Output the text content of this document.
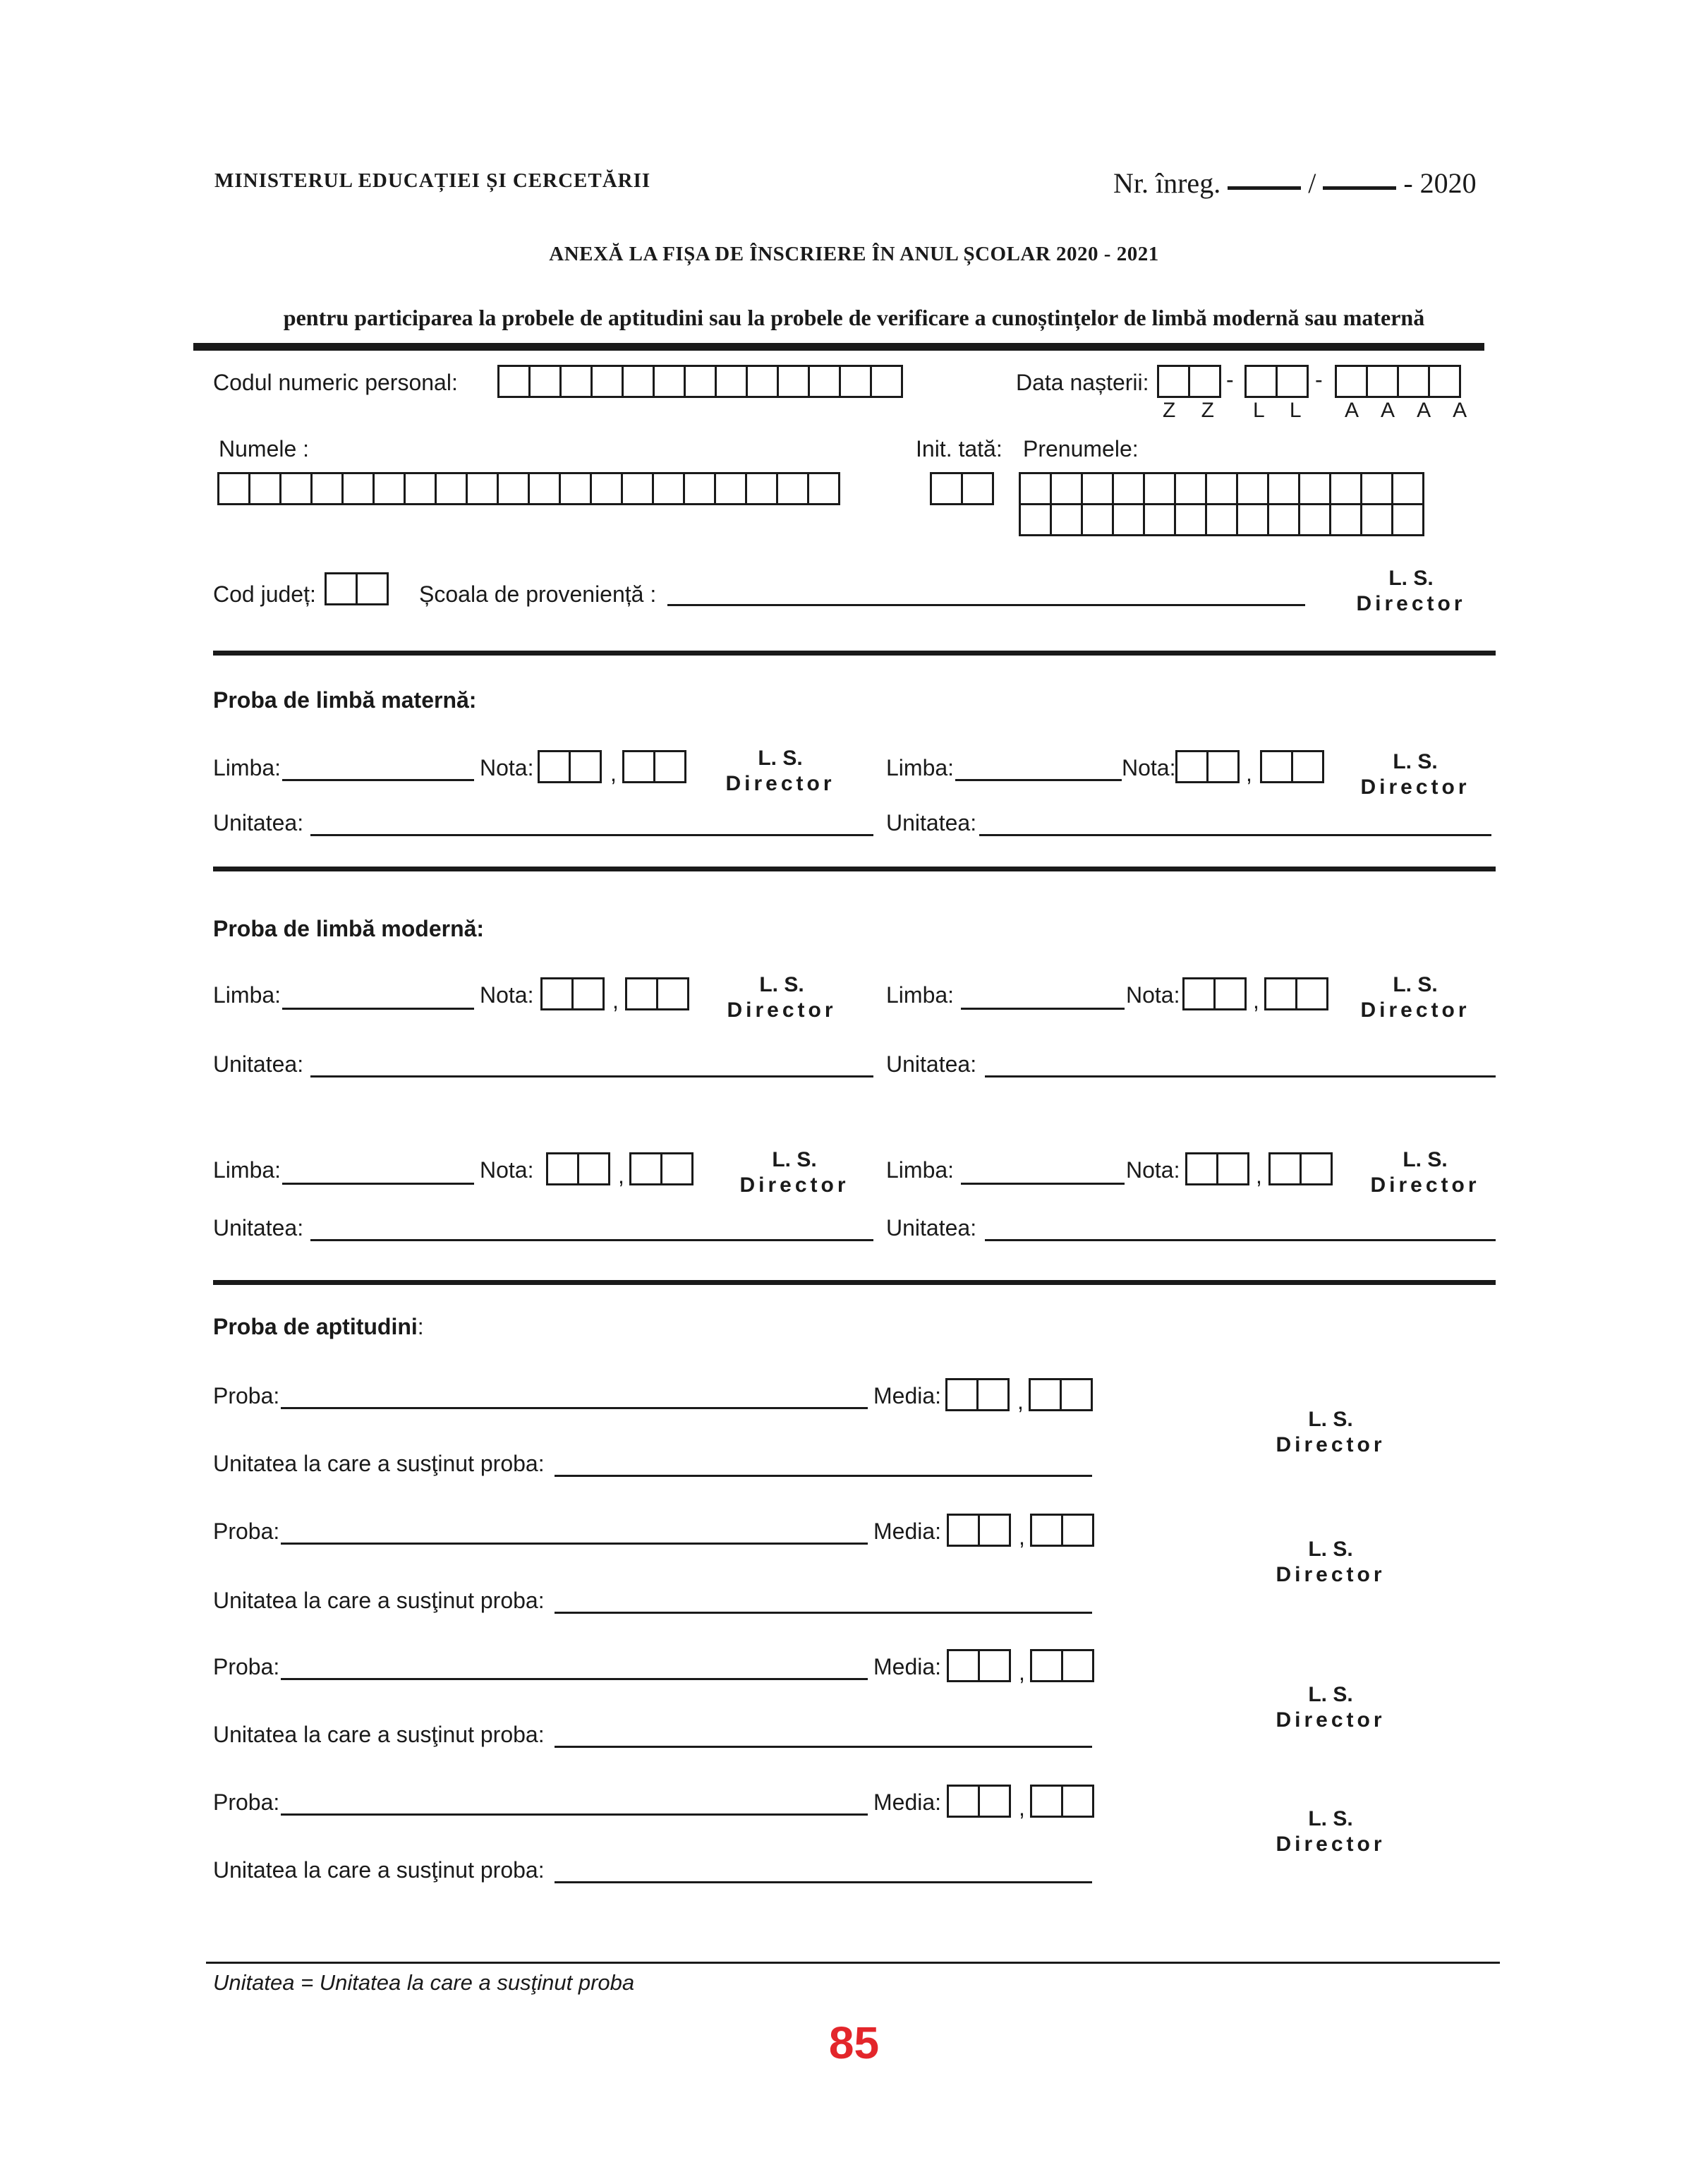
MINISTERUL EDUCAȚIEI ȘI CERCETĂRII	Nr. înreg.	/	- 2020
ANEXĂ LA FIȘA DE ÎNSCRIERE ÎN ANUL ȘCOLAR 2020 - 2021
pentru participarea la probele de aptitudini sau la probele de verificare a cunoștințelor de limbă modernă sau maternă
Codul numeric personal:	Data nașterii:	-	-
Z Z L L A A A A
Numele :	Init. tată: Prenumele:
Cod județ:	Școala de proveniență :
L. S.
Director
Proba de limbă maternă:
Limba:	Nota:	,
L. S.
Director
Limba:	Nota:	,	L. S.
Director
Unitatea:	Unitatea:
Proba de limbă modernă:
Limba:	Nota:	,
L. S.
Director
Limba:	Nota:	,
L. S.
Director
Unitatea:	Unitatea:
Limba:	Nota:	,
L. S.
Director
Limba:	Nota:	,
L. S.
Director
Unitatea:	Unitatea:
Proba de aptitudini:
Proba:	Media:	,
Unitatea la care a susţinut proba:
L. S.
Director
Proba:	Media:	,
Unitatea la care a susţinut proba:
L. S.
Director
Proba:	Media:	,
Unitatea la care a susţinut proba:
L. S.
Director
Proba:	Media:	,
Unitatea la care a susţinut proba:
L. S.
Director
Unitatea = Unitatea la care a susţinut proba
85
